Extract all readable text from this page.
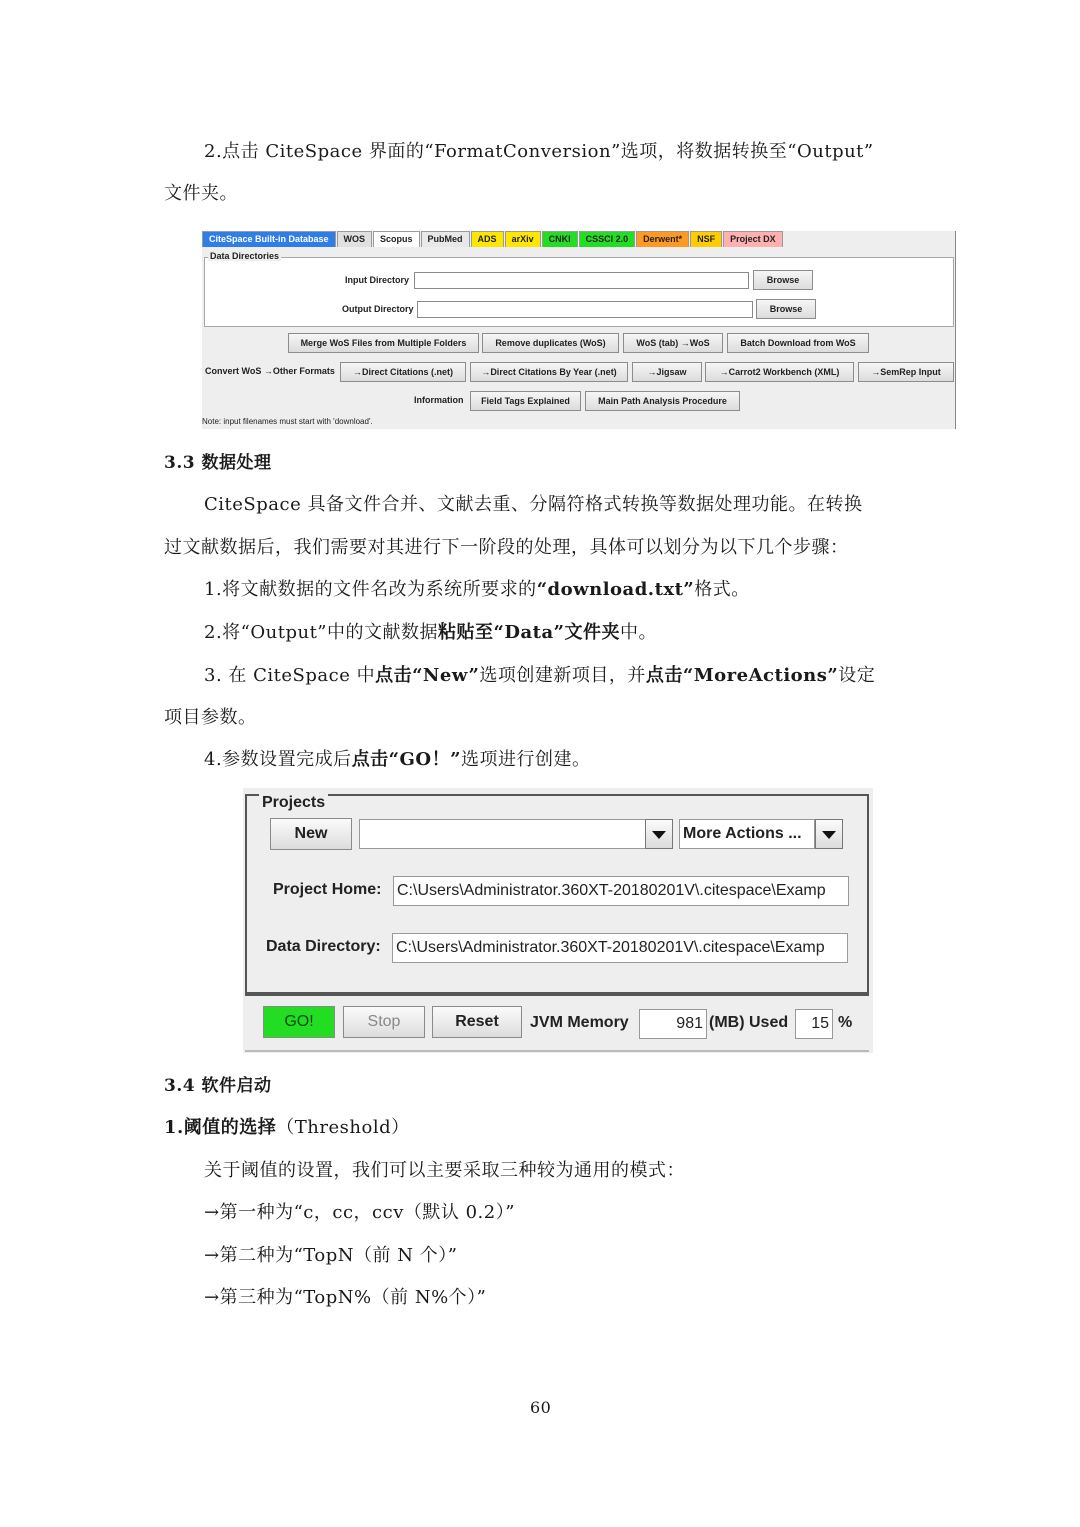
2.点击 CiteSpace 界面的“FormatConversion”选项，将数据转换至“Output”
文件夹。
CiteSpace Built-in Database	WOS	Scopus	PubMed	ADS	arXiv	CNKI	CSSCI 2.0	Derwent*	NSF	Project DX
Data Directories
Input Directory	Browse
Output Directory	Browse
Merge WoS Files from Multiple Folders	Remove duplicates (WoS)	WoS (tab) →WoS	Batch Download from WoS
Convert WoS →Other Formats	→Direct Citations (.net)	→Direct Citations By Year (.net)	→Jigsaw	→Carrot2 Workbench (XML)	→SemRep Input
Information	Field Tags Explained	Main Path Analysis Procedure
Note: input filenames must start with 'download'.
3.3 数据处理
CiteSpace 具备文件合并、文献去重、分隔符格式转换等数据处理功能。在转换
过文献数据后，我们需要对其进行下一阶段的处理，具体可以划分为以下几个步骤：
1.将文献数据的文件名改为系统所要求的“download.txt”格式。
2.将“Output”中的文献数据粘贴至“Data”文件夹中。
3. 在 CiteSpace 中点击“New”选项创建新项目，并点击“MoreActions”设定
项目参数。
4.参数设置完成后点击“GO！”选项进行创建。
Projects
New	More Actions ...
Project Home: C:\Users\Administrator.360XT-20180201V\.citespace\Examp
Data Directory: C:\Users\Administrator.360XT-20180201V\.citespace\Examp
GO!	Stop	Reset	JVM Memory	981 (MB) Used	15 %
3.4 软件启动
1.阈值的选择（Threshold）
关于阈值的设置，我们可以主要采取三种较为通用的模式：
→第一种为“c，cc，ccv（默认 0.2）”
→第二种为“TopN（前 N 个）”
→第三种为“TopN%（前 N%个）”
60
